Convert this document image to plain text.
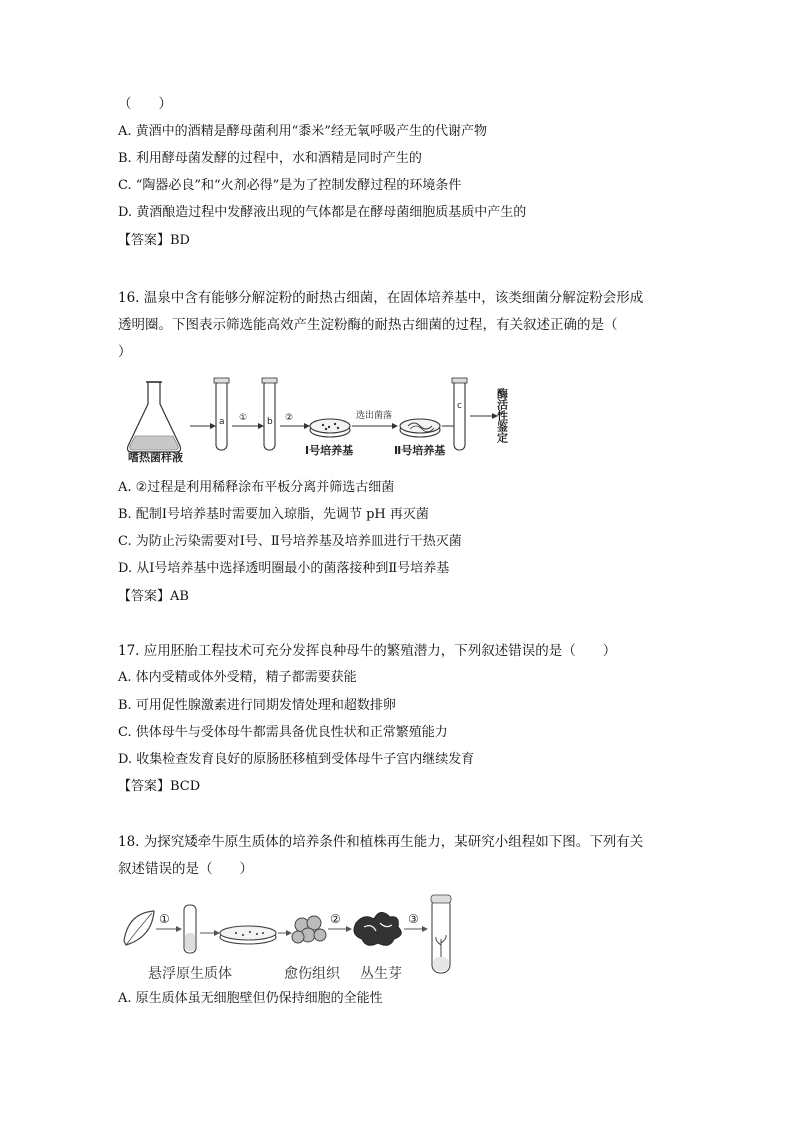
（　　）
A. 黄酒中的酒精是酵母菌利用“黍米”经无氧呼吸产生的代谢产物
B. 利用酵母菌发酵的过程中，水和酒精是同时产生的
C. “陶器必良”和“火剂必得”是为了控制发酵过程的环境条件
D. 黄酒酿造过程中发酵液出现的气体都是在酵母菌细胞质基质中产生的
【答案】BD
16. 温泉中含有能够分解淀粉的耐热古细菌，在固体培养基中，该类细菌分解淀粉会形成
透明圈。下图表示筛选能高效产生淀粉酶的耐热古细菌的过程，有关叙述正确的是（
）
嗜热菌样液
a ① b ②
Ⅰ号培养基
选出菌落
Ⅱ号培养基
c	酶活性鉴定
A. ②过程是利用稀释涂布平板分离并筛选古细菌
B. 配制Ⅰ号培养基时需要加入琼脂，先调节 pH 再灭菌
C. 为防止污染需要对Ⅰ号、Ⅱ号培养基及培养皿进行干热灭菌
D. 从Ⅰ号培养基中选择透明圈最小的菌落接种到Ⅱ号培养基
【答案】AB
17. 应用胚胎工程技术可充分发挥良种母牛的繁殖潜力，下列叙述错误的是（　　）
A. 体内受精或体外受精，精子都需要获能
B. 可用促性腺激素进行同期发情处理和超数排卵
C. 供体母牛与受体母牛都需具备优良性状和正常繁殖能力
D. 收集检查发育良好的原肠胚移植到受体母牛子宫内继续发育
【答案】BCD
18. 为探究矮牵牛原生质体的培养条件和植株再生能力，某研究小组程如下图。下列有关
叙述错误的是（　　）
①	②	③
悬浮原生质体	愈伤组织 丛生芽
A. 原生质体虽无细胞壁但仍保持细胞的全能性
